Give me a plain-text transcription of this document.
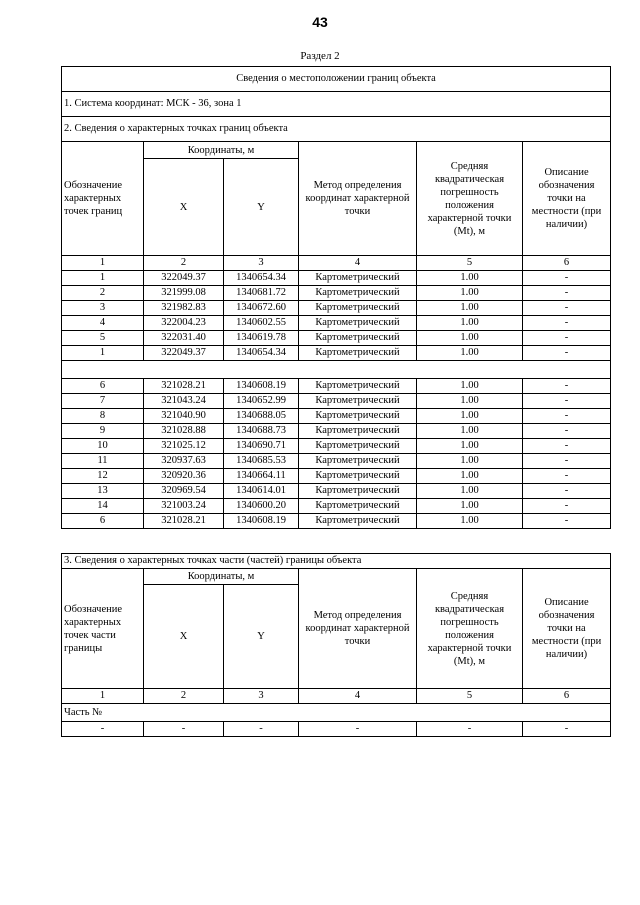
43
Раздел 2
Сведения о местоположении границ объекта					
1. Система координат: МСК - 36, зона 1					
2. Сведения о характерных точках границ объекта					
Обозначение характерных точек границ	Координаты, м		Метод определения координат характерной точки	Средняя квадратическая погрешность положения характерной точки (Mt), м	Описание обозначения точки на местности (при наличии)
	X	Y			
1	2	3	4	5	6
1	322049.37	1340654.34	Картометрический	1.00	-
2	321999.08	1340681.72	Картометрический	1.00	-
3	321982.83	1340672.60	Картометрический	1.00	-
4	322004.23	1340602.55	Картометрический	1.00	-
5	322031.40	1340619.78	Картометрический	1.00	-
1	322049.37	1340654.34	Картометрический	1.00	-

6	321028.21	1340608.19	Картометрический	1.00	-
7	321043.24	1340652.99	Картометрический	1.00	-
8	321040.90	1340688.05	Картометрический	1.00	-
9	321028.88	1340688.73	Картометрический	1.00	-
10	321025.12	1340690.71	Картометрический	1.00	-
11	320937.63	1340685.53	Картометрический	1.00	-
12	320920.36	1340664.11	Картометрический	1.00	-
13	320969.54	1340614.01	Картометрический	1.00	-
14	321003.24	1340600.20	Картометрический	1.00	-
6	321028.21	1340608.19	Картометрический	1.00	-
3. Сведения о характерных точках части (частей) границы объекта					
Обозначение характерных точек части границы	Координаты, м		Метод определения координат характерной точки	Средняя квадратическая погрешность положения характерной точки (Mt), м	Описание обозначения точки на местности (при наличии)
	X	Y			
1	2	3	4	5	6
Часть №					
-	-	-	-	-	-
